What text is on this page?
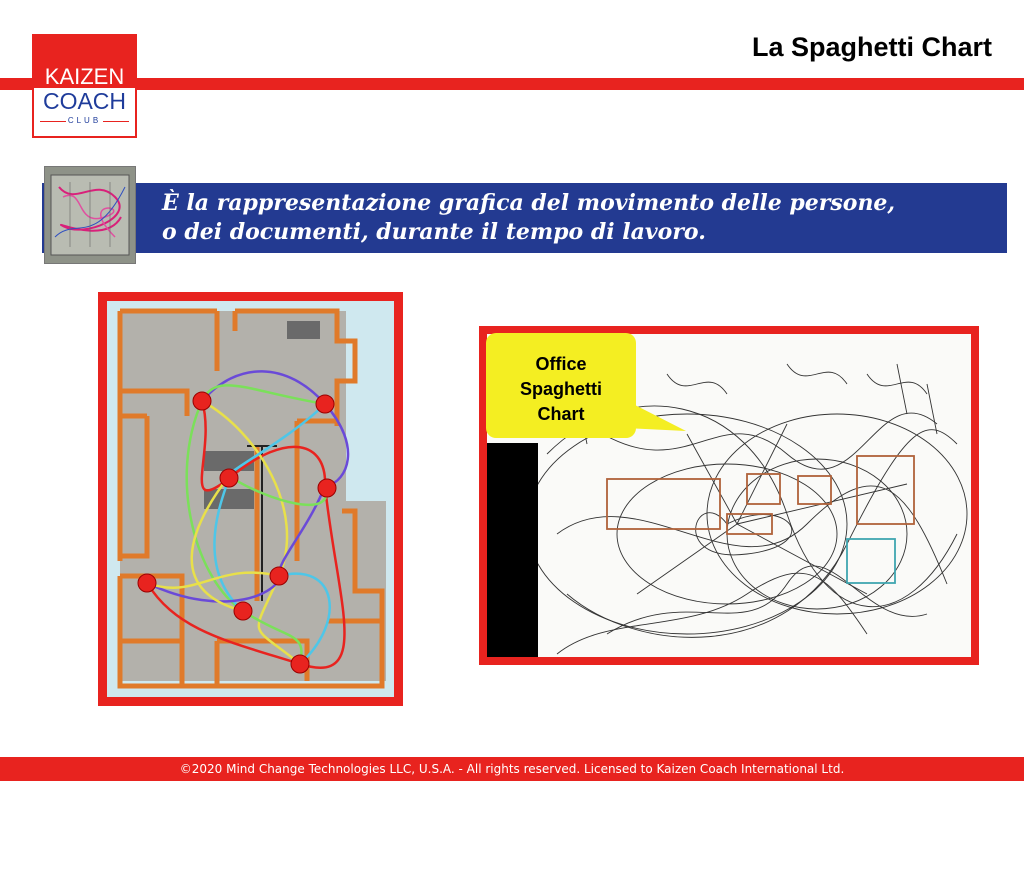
KAIZEN
COACH
CLUB
La Spaghetti Chart
È la rappresentazione grafica del movimento delle persone,
o dei documenti, durante il tempo di lavoro.
Office
Spaghetti
Chart
©2020 Mind Change Technologies LLC, U.S.A. - All rights reserved. Licensed to Kaizen Coach International Ltd.
